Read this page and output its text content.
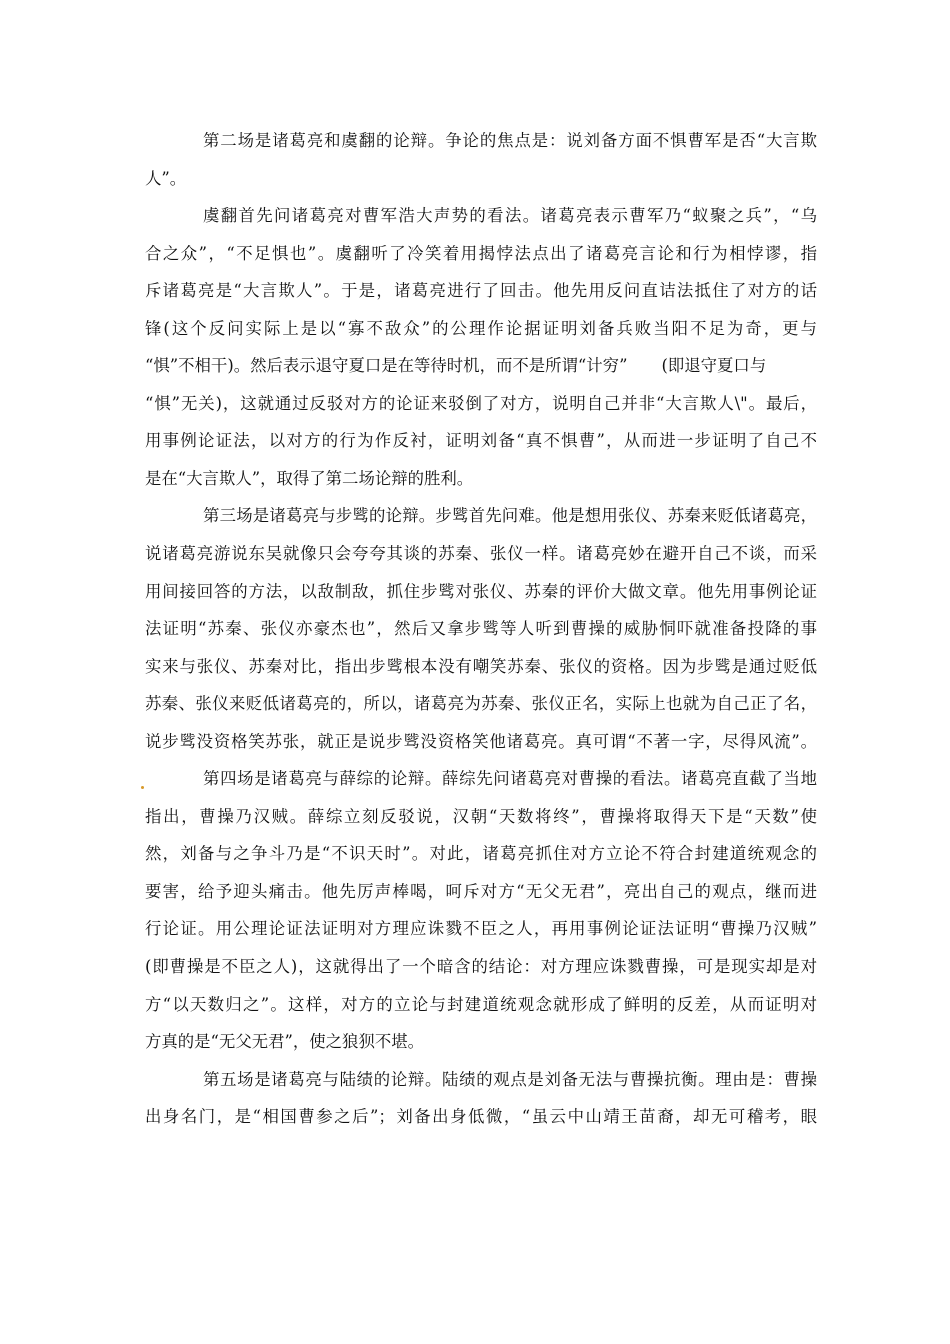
第二场是诸葛亮和虞翻的论辩。争论的焦点是：说刘备方面不惧曹军是否“大言欺
人”。
虞翻首先问诸葛亮对曹军浩大声势的看法。诸葛亮表示曹军乃“蚁聚之兵”，“乌
合之众”，“不足惧也”。虞翻听了冷笑着用揭悖法点出了诸葛亮言论和行为相悖谬，指
斥诸葛亮是“大言欺人”。于是，诸葛亮进行了回击。他先用反问直诘法抵住了对方的话
锋(这个反问实际上是以“寡不敌众”的公理作论据证明刘备兵败当阳不足为奇，更与
“惧”不相干)。然后表示退守夏口是在等待时机，而不是所谓“计穷” (即退守夏口与
“惧”无关)，这就通过反驳对方的论证来驳倒了对方，说明自己并非“大言欺人\"。最后，
用事例论证法，以对方的行为作反衬，证明刘备“真不惧曹”，从而进一步证明了自己不
是在“大言欺人”，取得了第二场论辩的胜利。
第三场是诸葛亮与步骘的论辩。步骘首先问难。他是想用张仪、苏秦来贬低诸葛亮，
说诸葛亮游说东吴就像只会夸夸其谈的苏秦、张仪一样。诸葛亮妙在避开自己不谈，而采
用间接回答的方法，以敌制敌，抓住步骘对张仪、苏秦的评价大做文章。他先用事例论证
法证明“苏秦、张仪亦豪杰也”，然后又拿步骘等人听到曹操的威胁恫吓就准备投降的事
实来与张仪、苏秦对比，指出步骘根本没有嘲笑苏秦、张仪的资格。因为步骘是通过贬低
苏秦、张仪来贬低诸葛亮的，所以，诸葛亮为苏秦、张仪正名，实际上也就为自己正了名，
说步骘没资格笑苏张，就正是说步骘没资格笑他诸葛亮。真可谓“不著一字，尽得风流”。
第四场是诸葛亮与薛综的论辩。薛综先问诸葛亮对曹操的看法。诸葛亮直截了当地
指出，曹操乃汉贼。薛综立刻反驳说，汉朝“天数将终”，曹操将取得天下是“天数”使
然，刘备与之争斗乃是“不识天时”。对此，诸葛亮抓住对方立论不符合封建道统观念的
要害，给予迎头痛击。他先厉声棒喝，呵斥对方“无父无君”，亮出自己的观点，继而进
行论证。用公理论证法证明对方理应诛戮不臣之人，再用事例论证法证明“曹操乃汉贼”
(即曹操是不臣之人)，这就得出了一个暗含的结论：对方理应诛戮曹操，可是现实却是对
方“以天数归之”。这样，对方的立论与封建道统观念就形成了鲜明的反差，从而证明对
方真的是“无父无君”，使之狼狈不堪。
第五场是诸葛亮与陆绩的论辩。陆绩的观点是刘备无法与曹操抗衡。理由是：曹操
出身名门，是“相国曹参之后”；刘备出身低微，“虽云中山靖王苗裔，却无可稽考，眼
